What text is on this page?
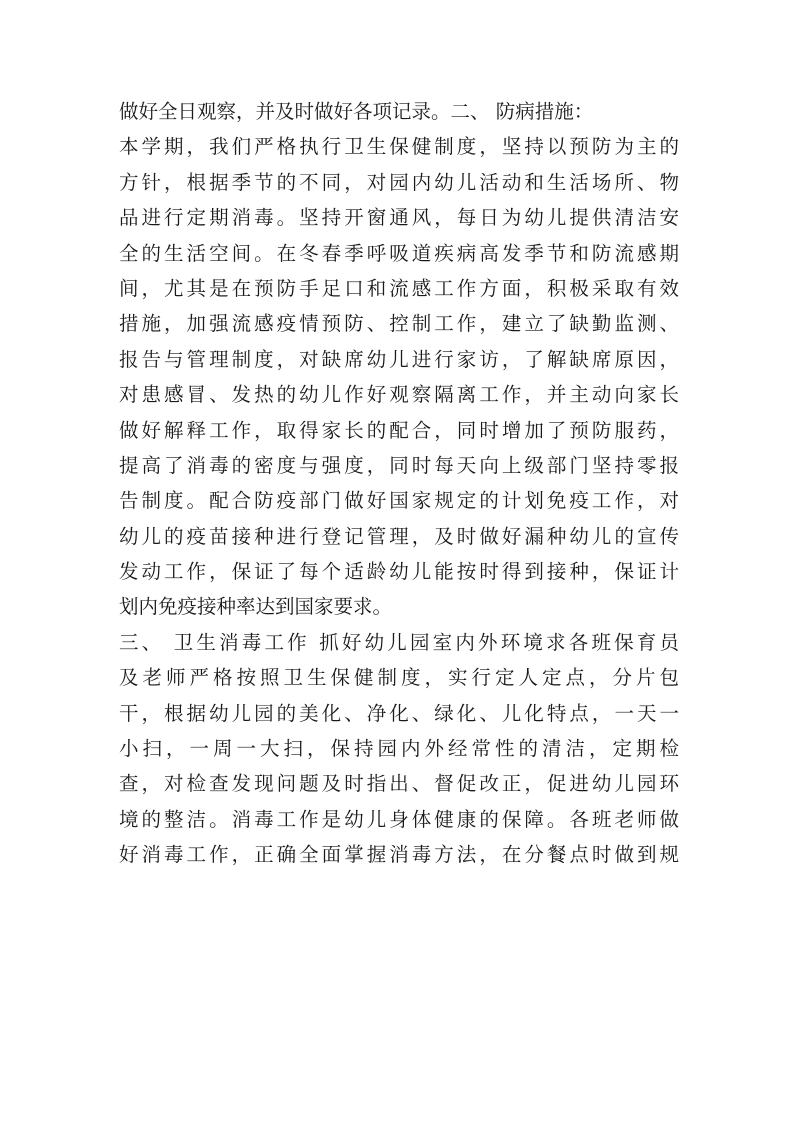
做好全日观察，并及时做好各项记录。二、 防病措施：
本学期，我们严格执行卫生保健制度，坚持以预防为主的
方针，根据季节的不同，对园内幼儿活动和生活场所、物
品进行定期消毒。坚持开窗通风，每日为幼儿提供清洁安
全的生活空间。在冬春季呼吸道疾病高发季节和防流感期
间，尤其是在预防手足口和流感工作方面，积极采取有效
措施，加强流感疫情预防、控制工作，建立了缺勤监测、
报告与管理制度，对缺席幼儿进行家访，了解缺席原因，
对患感冒、发热的幼儿作好观察隔离工作，并主动向家长
做好解释工作，取得家长的配合，同时增加了预防服药，
提高了消毒的密度与强度，同时每天向上级部门坚持零报
告制度。配合防疫部门做好国家规定的计划免疫工作，对
幼儿的疫苗接种进行登记管理，及时做好漏种幼儿的宣传
发动工作，保证了每个适龄幼儿能按时得到接种，保证计
划内免疫接种率达到国家要求。
三、 卫生消毒工作 抓好幼儿园室内外环境求各班保育员
及老师严格按照卫生保健制度，实行定人定点，分片包
干，根据幼儿园的美化、净化、绿化、儿化特点，一天一
小扫，一周一大扫，保持园内外经常性的清洁，定期检
查，对检查发现问题及时指出、督促改正，促进幼儿园环
境的整洁。消毒工作是幼儿身体健康的保障。各班老师做
好消毒工作，正确全面掌握消毒方法，在分餐点时做到规
